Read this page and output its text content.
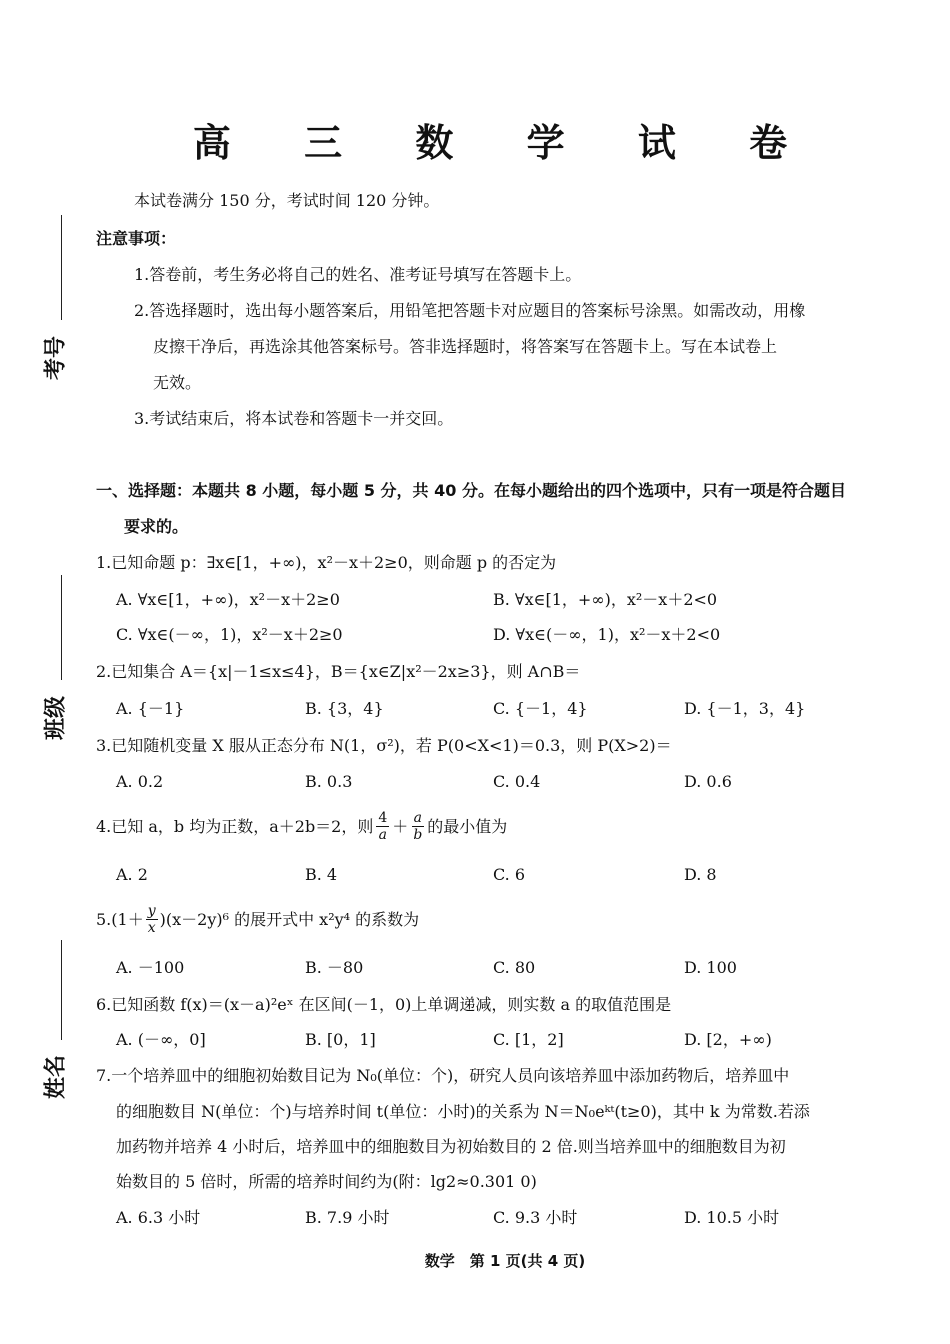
高 三 数 学 试 卷
本试卷满分 150 分，考试时间 120 分钟。
注意事项：
1.答卷前，考生务必将自己的姓名、准考证号填写在答题卡上。
2.答选择题时，选出每小题答案后，用铅笔把答题卡对应题目的答案标号涂黑。如需改动，用橡
皮擦干净后，再选涂其他答案标号。答非选择题时，将答案写在答题卡上。写在本试卷上
无效。
3.考试结束后，将本试卷和答题卡一并交回。
考号
班级
姓名
一、选择题：本题共 8 小题，每小题 5 分，共 40 分。在每小题给出的四个选项中，只有一项是符合题目
要求的。
1.已知命题 p：∃x∈[1，+∞)，x²－x＋2≥0，则命题 p 的否定为
A. ∀x∈[1，+∞)，x²－x＋2≥0	B. ∀x∈[1，+∞)，x²－x＋2<0
C. ∀x∈(－∞，1)，x²－x＋2≥0	D. ∀x∈(－∞，1)，x²－x＋2<0
2.已知集合 A＝{x|－1≤x≤4}，B＝{x∈Z|x²－2x≥3}，则 A∩B＝
A. {－1}	B. {3，4}	C. {－1，4}	D. {－1，3，4}
3.已知随机变量 X 服从正态分布 N(1，σ²)，若 P(0<X<1)＝0.3，则 P(X>2)＝
A. 0.2	B. 0.3	C. 0.4	D. 0.6
4.已知 a，b 均为正数，a＋2b＝2，则 $\frac{4}{a} + \frac{a}{b}$ 的最小值为
A. 2	B. 4	C. 6	D. 8
$5.(1+ \frac{y}{x} )(x-2y)^6$ 的展开式中 x²y⁴ 的系数为
A. －100	B. －80	C. 80	D. 100
6.已知函数 f(x)＝(x－a)²eˣ 在区间(－1，0)上单调递减，则实数 a 的取值范围是
A. (－∞，0]	B. [0，1]	C. [1，2]	D. [2，+∞)
7.一个培养皿中的细胞初始数目记为 N₀(单位：个)，研究人员向该培养皿中添加药物后，培养皿中
的细胞数目 N(单位：个)与培养时间 t(单位：小时)的关系为 N＝N₀eᵏᵗ(t≥0)，其中 k 为常数.若添
加药物并培养 4 小时后，培养皿中的细胞数目为初始数目的 2 倍.则当培养皿中的细胞数目为初
始数目的 5 倍时，所需的培养时间约为(附：lg2≈0.301 0)
A. 6.3 小时	B. 7.9 小时	C. 9.3 小时	D. 10.5 小时
数学　第 1 页(共 4 页)
